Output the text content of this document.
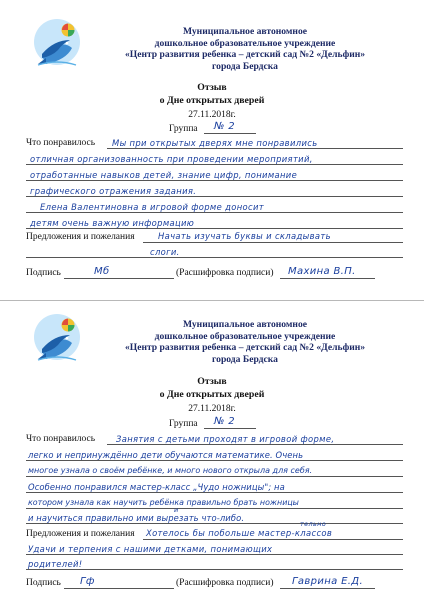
Муниципальное автономное
дошкольное образовательное учреждение
«Центр развития ребенка – детский сад №2 «Дельфин»
города Бердска
Отзыв
о Дне открытых дверей
27.11.2018г.
Группа № 2
Что понравилось Мы при открытых дверях мне понравились
отличная организованность при проведении мероприятий,
отработанные навыков детей, знание цифр, понимание
графического отражения задания.
Елена Валентиновна в игровой форме доносит
детям очень важную информацию
Предложения и пожелания	Начать изучать буквы и складывать
слоги.
Подпись	Мб	(Расшифровка подписи) Махина В.П.
Муниципальное автономное
дошкольное образовательное учреждение
«Центр развития ребенка – детский сад №2 «Дельфин»
города Бердска
Отзыв
о Дне открытых дверей
27.11.2018г.
Группа № 2
Что понравилось Занятия с детьми проходят в игровой форме,
легко и непринуждённо дети обучаются математике. Очень
многое узнала о своём ребёнке, и много нового открыла для себя.
Особенно понравился мастер-класс „Чудо ножницы"; на
котором узнала как научить ребёнка правильно брать ножницы
и научиться правильно ими вырезать что-либо.
и
тельно
Предложения и пожелания Хотелось бы побольше мастер-классов
Удачи и терпения с нашими детками, понимающих
родителей!
Подпись Гф	(Расшифровка подписи) Гаврина Е.Д.
